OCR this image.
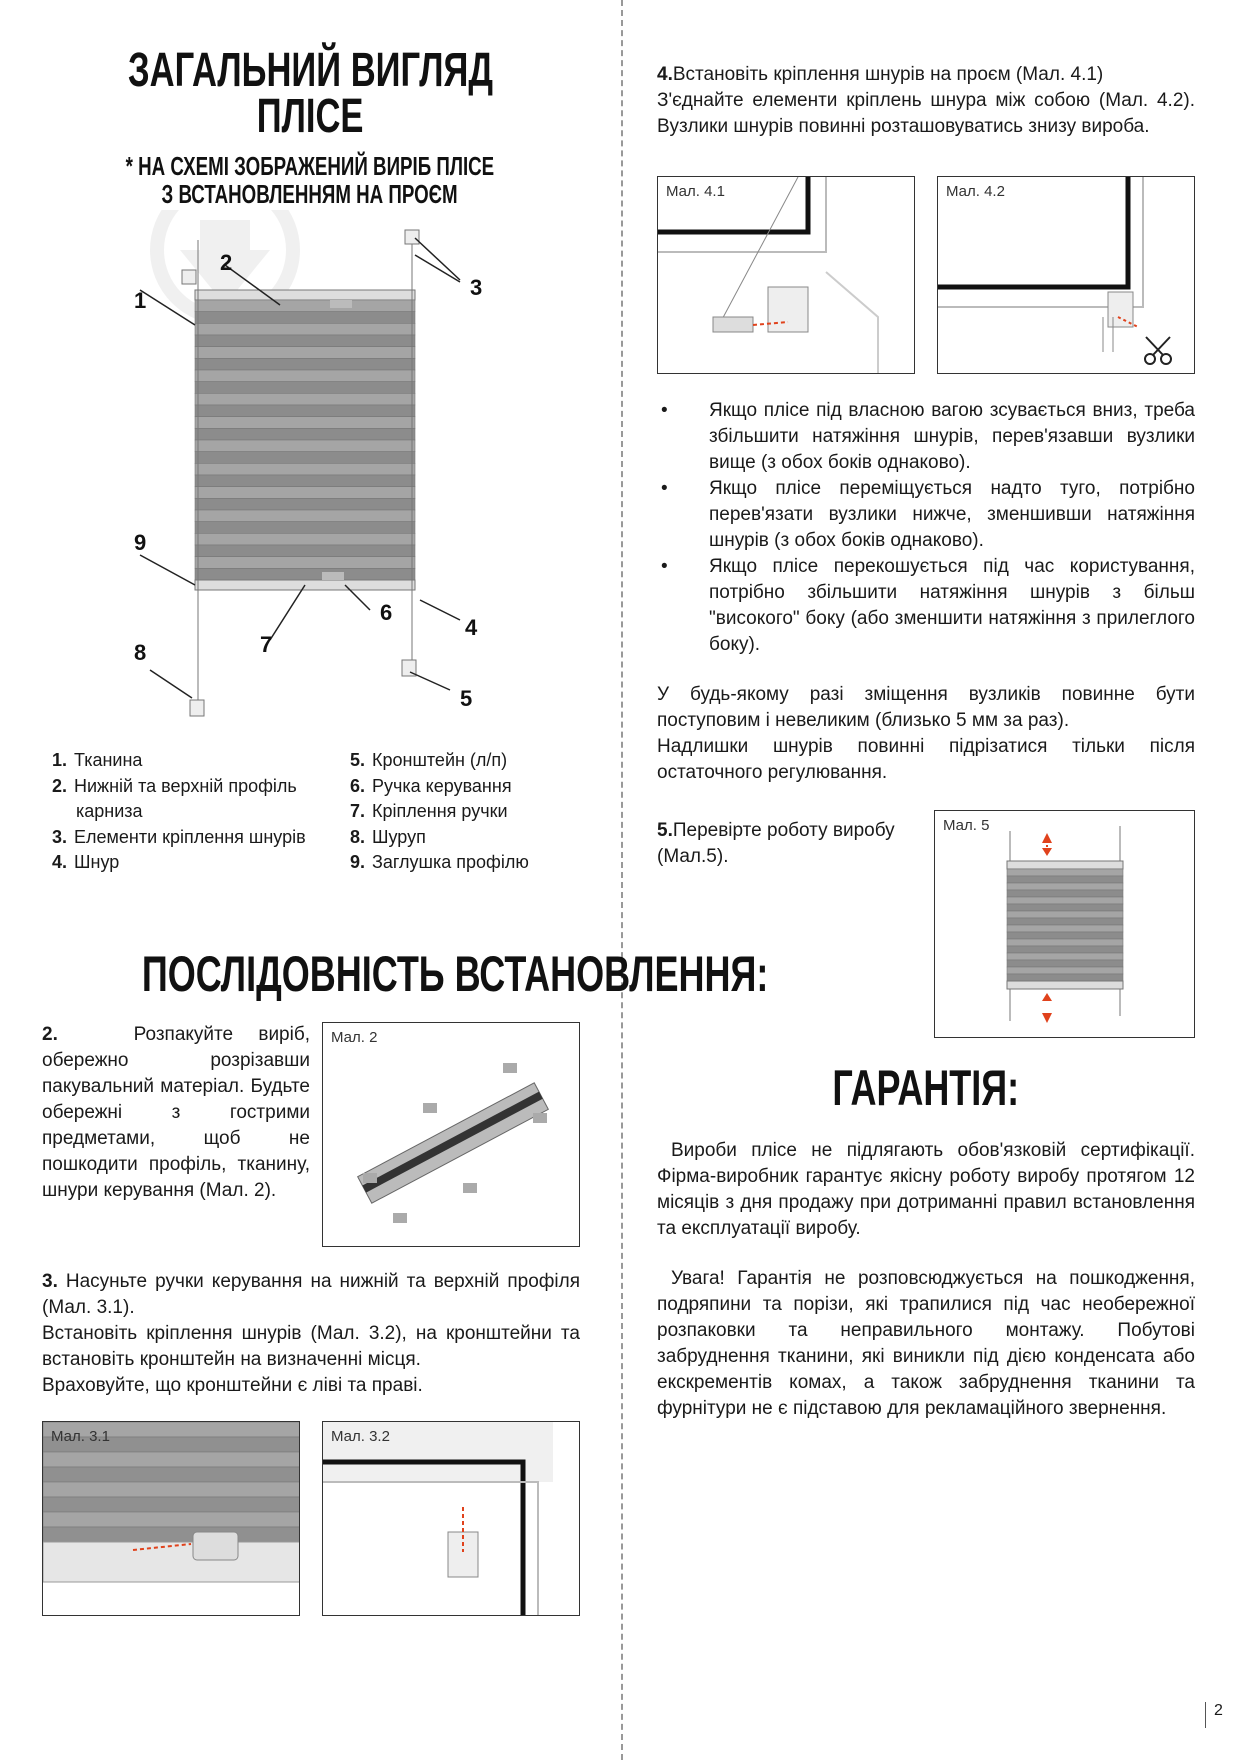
ЗАГАЛЬНИЙ ВИГЛЯД
ПЛІСЕ
* НА СХЕМІ ЗОБРАЖЕНИЙ ВИРІБ ПЛІСЕ
З ВСТАНОВЛЕННЯМ НА ПРОЄМ
1
2
3
4
5
6
7
8
9
1. Тканина
2. Нижній та верхній профіль карниза
3. Елементи кріплення шнурів
4. Шнур
5. Кронштейн (л/п)
6. Ручка керування
7. Кріплення ручки
8. Шуруп
9. Заглушка профілю
ПОСЛІДОВНІСТЬ ВСТАНОВЛЕННЯ:
2.	Розпакуйте виріб, обережно розрізавши пакувальний матеріал. Будьте обережні з гострими предметами, щоб не пошкодити профіль, тканину, шнури керування (Мал. 2).
Мал. 2
3. Насуньте ручки керування на нижній та верхній профіля (Мал. 3.1).
Встановіть кріплення шнурів (Мал. 3.2), на кронштейни та встановіть кронштейн на визначенні місця.
Враховуйте, що кронштейни є ліві та праві.
Мал. 3.1	Мал. 3.2
4.Встановіть кріплення шнурів на проєм (Мал. 4.1)
З'єднайте елементи кріплень шнура між собою (Мал. 4.2). Вузлики шнурів повинні розташовуватись знизу вироба.
Мал. 4.1	Мал. 4.2
• Якщо плісе під власною вагою зсувається вниз, треба збільшити натяжіння шнурів, перев'язавши вузлики вище (з обох боків однаково).
• Якщо плісе переміщується надто туго, потрібно перев'язати вузлики нижче, зменшивши натяжіння шнурів (з обох боків однаково).
• Якщо плісе перекошується під час користування, потрібно збільшити натяжіння шнурів з більш "високого" боку (або зменшити натяжіння з прилеглого боку).
У будь-якому разі зміщення вузликів повинне бути поступовим і невеликим (близько 5 мм за раз).
Надлишки шнурів повинні підрізатися тільки після остаточного регулювання.
5.Перевірте роботу виробу (Мал.5).
Мал. 5
ГАРАНТІЯ:
Вироби плісе не підлягають обов'язковій сертифікації. Фірма-виробник гарантує якісну роботу виробу протягом 12 місяців з дня продажу при дотриманні правил встановлення та експлуатації виробу.
Увага! Гарантія не розповсюджується на пошкодження, подряпини та порізи, які трапилися під час необережної розпаковки та неправильного монтажу. Побутові забруднення тканини, які виникли під дією конденсата або екскрементів комах, а також забруднення тканини та фурнітури не є підставою для рекламаційного звернення.
2
